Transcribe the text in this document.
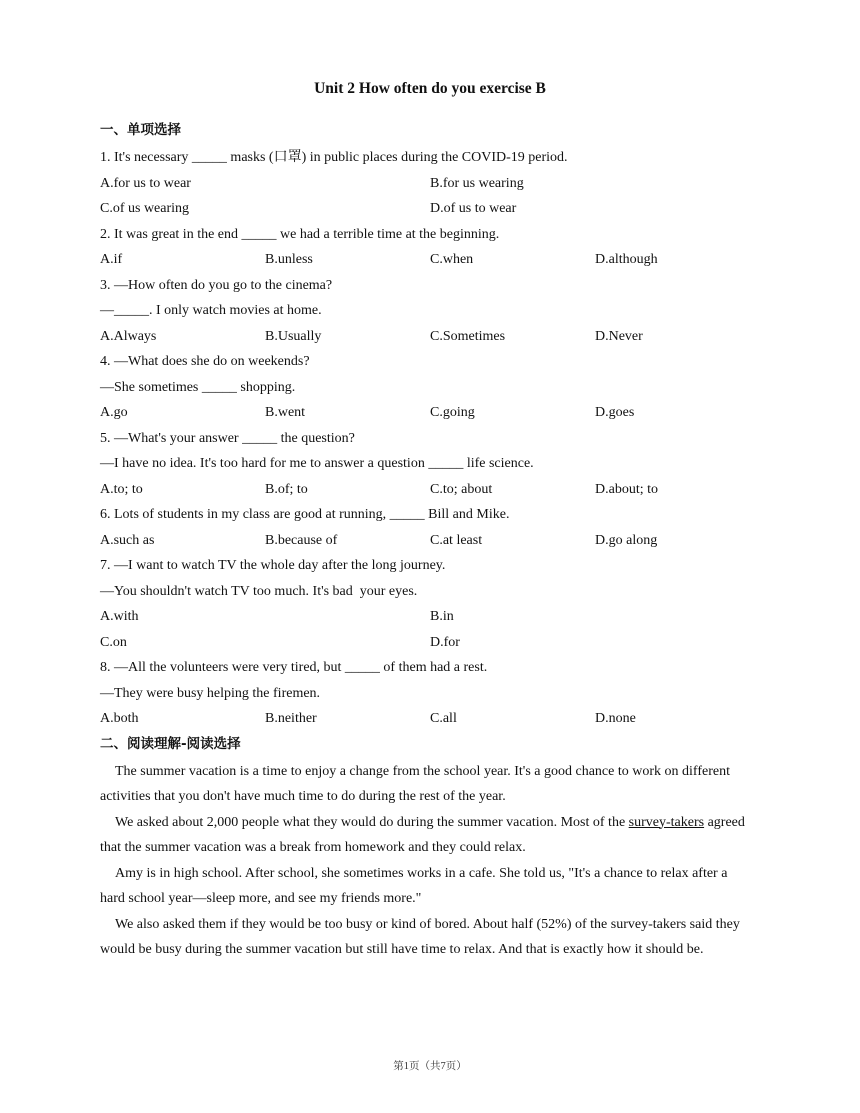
Unit 2 How often do you exercise B
一、单项选择
1. It's necessary _____ masks (口罩) in public places during the COVID-19 period.
A.for us to wear	B.for us wearing
C.of us wearing	D.of us to wear
2. It was great in the end _____ we had a terrible time at the beginning.
A.if	B.unless	C.when	D.although
3. —How often do you go to the cinema?
—_____. I only watch movies at home.
A.Always	B.Usually	C.Sometimes	D.Never
4. —What does she do on weekends?
—She sometimes _____ shopping.
A.go	B.went	C.going	D.goes
5. —What's your answer _____ the question?
—I have no idea. It's too hard for me to answer a question _____ life science.
A.to; to	B.of; to	C.to; about	D.about; to
6. Lots of students in my class are good at running, _____ Bill and Mike.
A.such as	B.because of	C.at least	D.go along
7. —I want to watch TV the whole day after the long journey.
—You shouldn't watch TV too much. It's bad  your eyes.
A.with	B.in
C.on	D.for
8. —All the volunteers were very tired, but _____ of them had a rest.
—They were busy helping the firemen.
A.both	B.neither	C.all	D.none
二、阅读理解-阅读选择

The summer vacation is a time to enjoy a change from the school year. It's a good chance to work on different activities that you don't have much time to do during the rest of the year.

We asked about 2,000 people what they would do during the summer vacation. Most of the survey-takers agreed that the summer vacation was a break from homework and they could relax.

Amy is in high school. After school, she sometimes works in a cafe. She told us, "It's a chance to relax after a hard school year—sleep more, and see my friends more."

We also asked them if they would be too busy or kind of bored. About half (52%) of the survey-takers said they would be busy during the summer vacation but still have time to relax. And that is exactly how it should be.

第1页（共7页）
